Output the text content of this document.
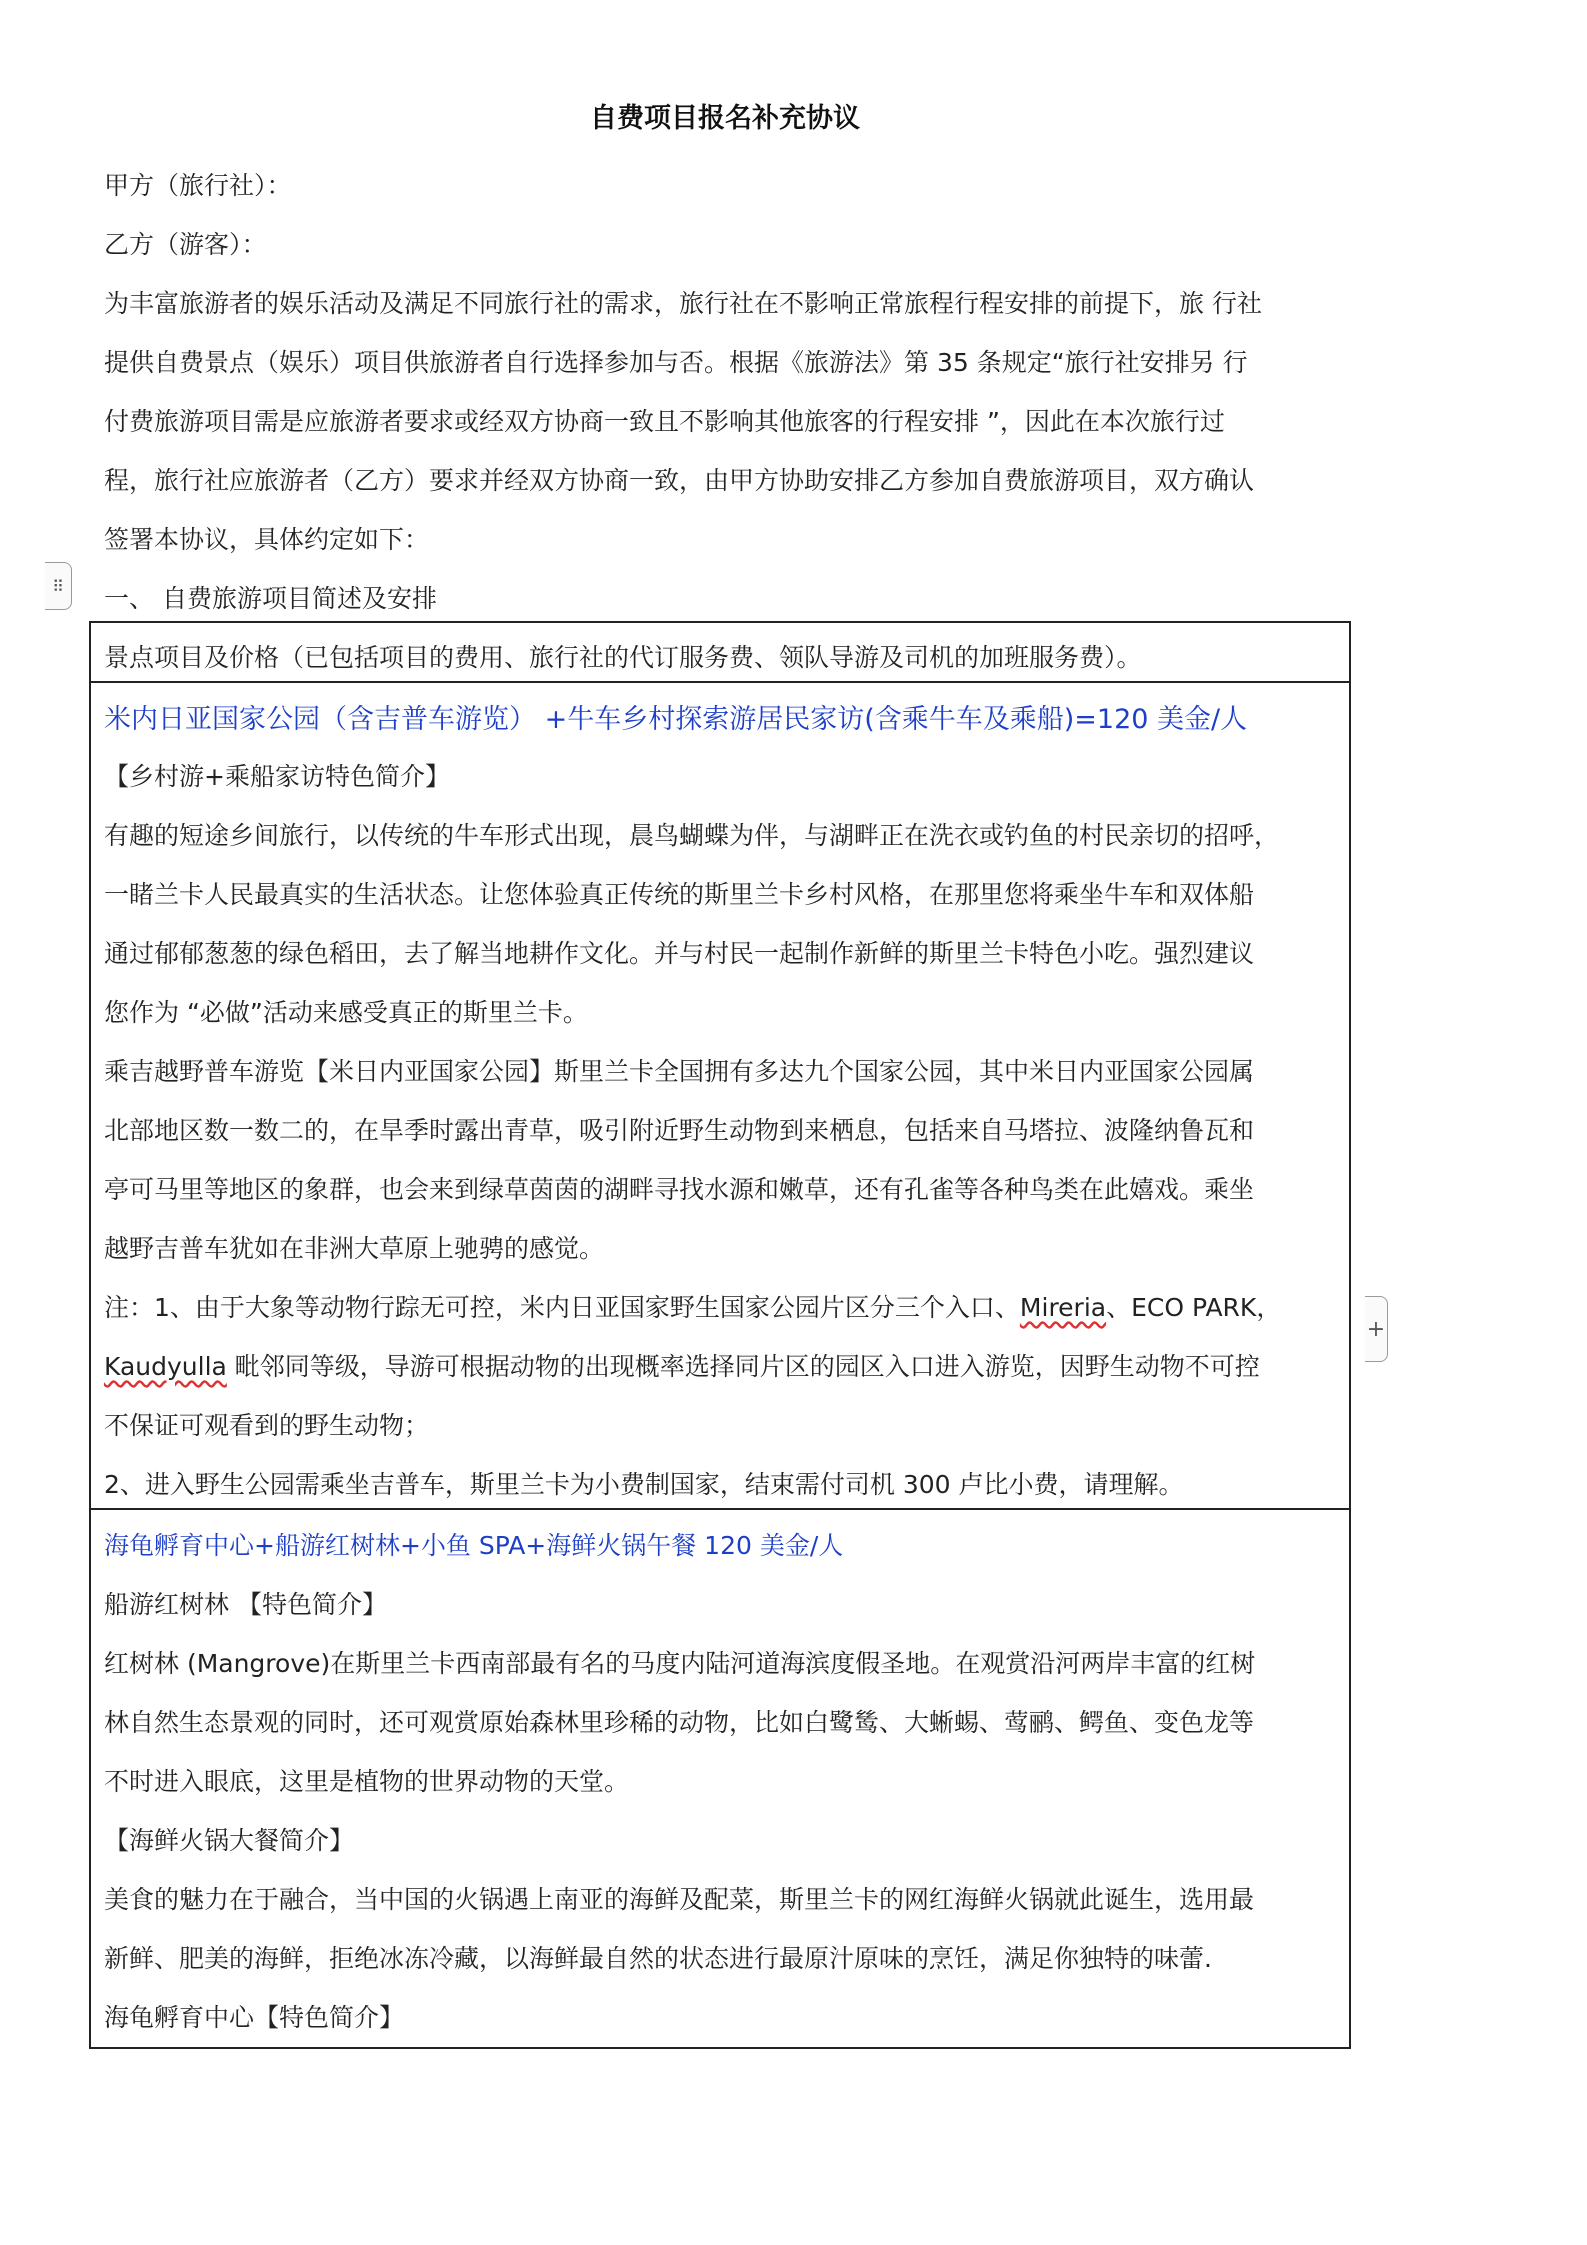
自费项目报名补充协议
甲方（旅行社）：
乙方（游客）：
为丰富旅游者的娱乐活动及满足不同旅行社的需求，旅行社在不影响正常旅程行程安排的前提下，旅 行社
提供自费景点（娱乐）项目供旅游者自行选择参加与否。根据《旅游法》第 35 条规定“旅行社安排另 行
付费旅游项目需是应旅游者要求或经双方协商一致且不影响其他旅客的行程安排 ”，因此在本次旅行过
程，旅行社应旅游者（乙方）要求并经双方协商一致，由甲方协助安排乙方参加自费旅游项目，双方确认
签署本协议，具体约定如下：
⠿	一、 自费旅游项目简述及安排
景点项目及价格（已包括项目的费用、旅行社的代订服务费、领队导游及司机的加班服务费）。
米内日亚国家公园（含吉普车游览） +牛车乡村探索游居民家访(含乘牛车及乘船)=120 美金/人
【乡村游+乘船家访特色简介】
有趣的短途乡间旅行，以传统的牛车形式出现，晨鸟蝴蝶为伴，与湖畔正在洗衣或钓鱼的村民亲切的招呼，
一睹兰卡人民最真实的生活状态。让您体验真正传统的斯里兰卡乡村风格，在那里您将乘坐牛车和双体船
通过郁郁葱葱的绿色稻田，去了解当地耕作文化。并与村民一起制作新鲜的斯里兰卡特色小吃。强烈建议
您作为 “必做”活动来感受真正的斯里兰卡。
乘吉越野普车游览【米日内亚国家公园】斯里兰卡全国拥有多达九个国家公园，其中米日内亚国家公园属
北部地区数一数二的，在旱季时露出青草，吸引附近野生动物到来栖息，包括来自马塔拉、波隆纳鲁瓦和
亭可马里等地区的象群，也会来到绿草茵茵的湖畔寻找水源和嫩草，还有孔雀等各种鸟类在此嬉戏。乘坐
越野吉普车犹如在非洲大草原上驰骋的感觉。
注：1、由于大象等动物行踪无可控，米内日亚国家野生国家公园片区分三个入口、Mireria、ECO PARK，
+
Kaudyulla 毗邻同等级，导游可根据动物的出现概率选择同片区的园区入口进入游览，因野生动物不可控
不保证可观看到的野生动物；
2、进入野生公园需乘坐吉普车，斯里兰卡为小费制国家，结束需付司机 300 卢比小费，请理解。
海龟孵育中心+船游红树林+小鱼 SPA+海鲜火锅午餐 120 美金/人
船游红树林 【特色简介】
红树林 (Mangrove)在斯里兰卡西南部最有名的马度内陆河道海滨度假圣地。在观赏沿河两岸丰富的红树
林自然生态景观的同时，还可观赏原始森林里珍稀的动物，比如白鹭鸶、大蜥蜴、莺鹂、鳄鱼、变色龙等
不时进入眼底，这里是植物的世界动物的天堂。
【海鲜火锅大餐简介】
美食的魅力在于融合，当中国的火锅遇上南亚的海鲜及配菜，斯里兰卡的网红海鲜火锅就此诞生，选用最
新鲜、肥美的海鲜，拒绝冰冻冷藏，以海鲜最自然的状态进行最原汁原味的烹饪，满足你独特的味蕾.
海龟孵育中心【特色简介】
